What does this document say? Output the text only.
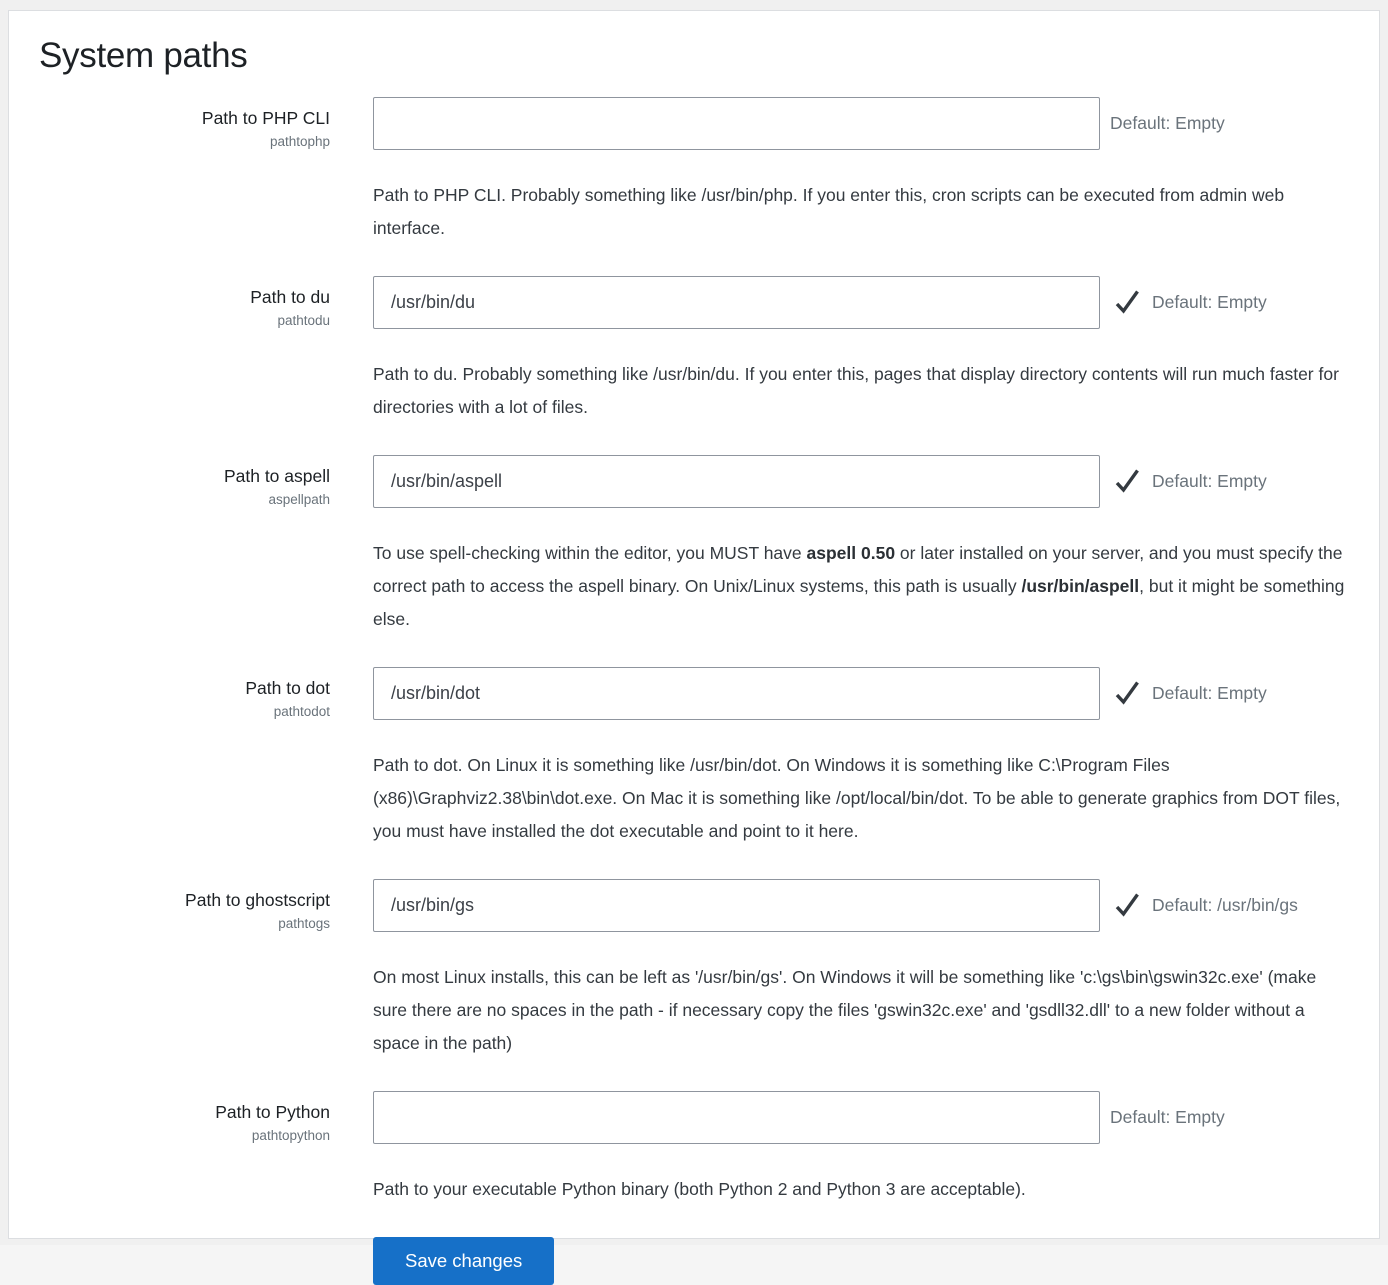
System paths
Path to PHP CLI
pathtophp
Default: Empty
Path to PHP CLI. Probably something like /usr/bin/php. If you enter this, cron scripts can be executed from admin web interface.
Path to du
pathtodu
/usr/bin/du
Default: Empty
Path to du. Probably something like /usr/bin/du. If you enter this, pages that display directory contents will run much faster for directories with a lot of files.
Path to aspell
aspellpath
/usr/bin/aspell
Default: Empty
To use spell-checking within the editor, you MUST have aspell 0.50 or later installed on your server, and you must specify the correct path to access the aspell binary. On Unix/Linux systems, this path is usually /usr/bin/aspell, but it might be something else.
Path to dot
pathtodot
/usr/bin/dot
Default: Empty
Path to dot. On Linux it is something like /usr/bin/dot. On Windows it is something like C:\Program Files (x86)\Graphviz2.38\bin\dot.exe. On Mac it is something like /opt/local/bin/dot. To be able to generate graphics from DOT files, you must have installed the dot executable and point to it here.
Path to ghostscript
pathtogs
/usr/bin/gs
Default: /usr/bin/gs
On most Linux installs, this can be left as '/usr/bin/gs'. On Windows it will be something like 'c:\gs\bin\gswin32c.exe' (make sure there are no spaces in the path - if necessary copy the files 'gswin32c.exe' and 'gsdll32.dll' to a new folder without a space in the path)
Path to Python
pathtopython
Default: Empty
Path to your executable Python binary (both Python 2 and Python 3 are acceptable).
Save changes
